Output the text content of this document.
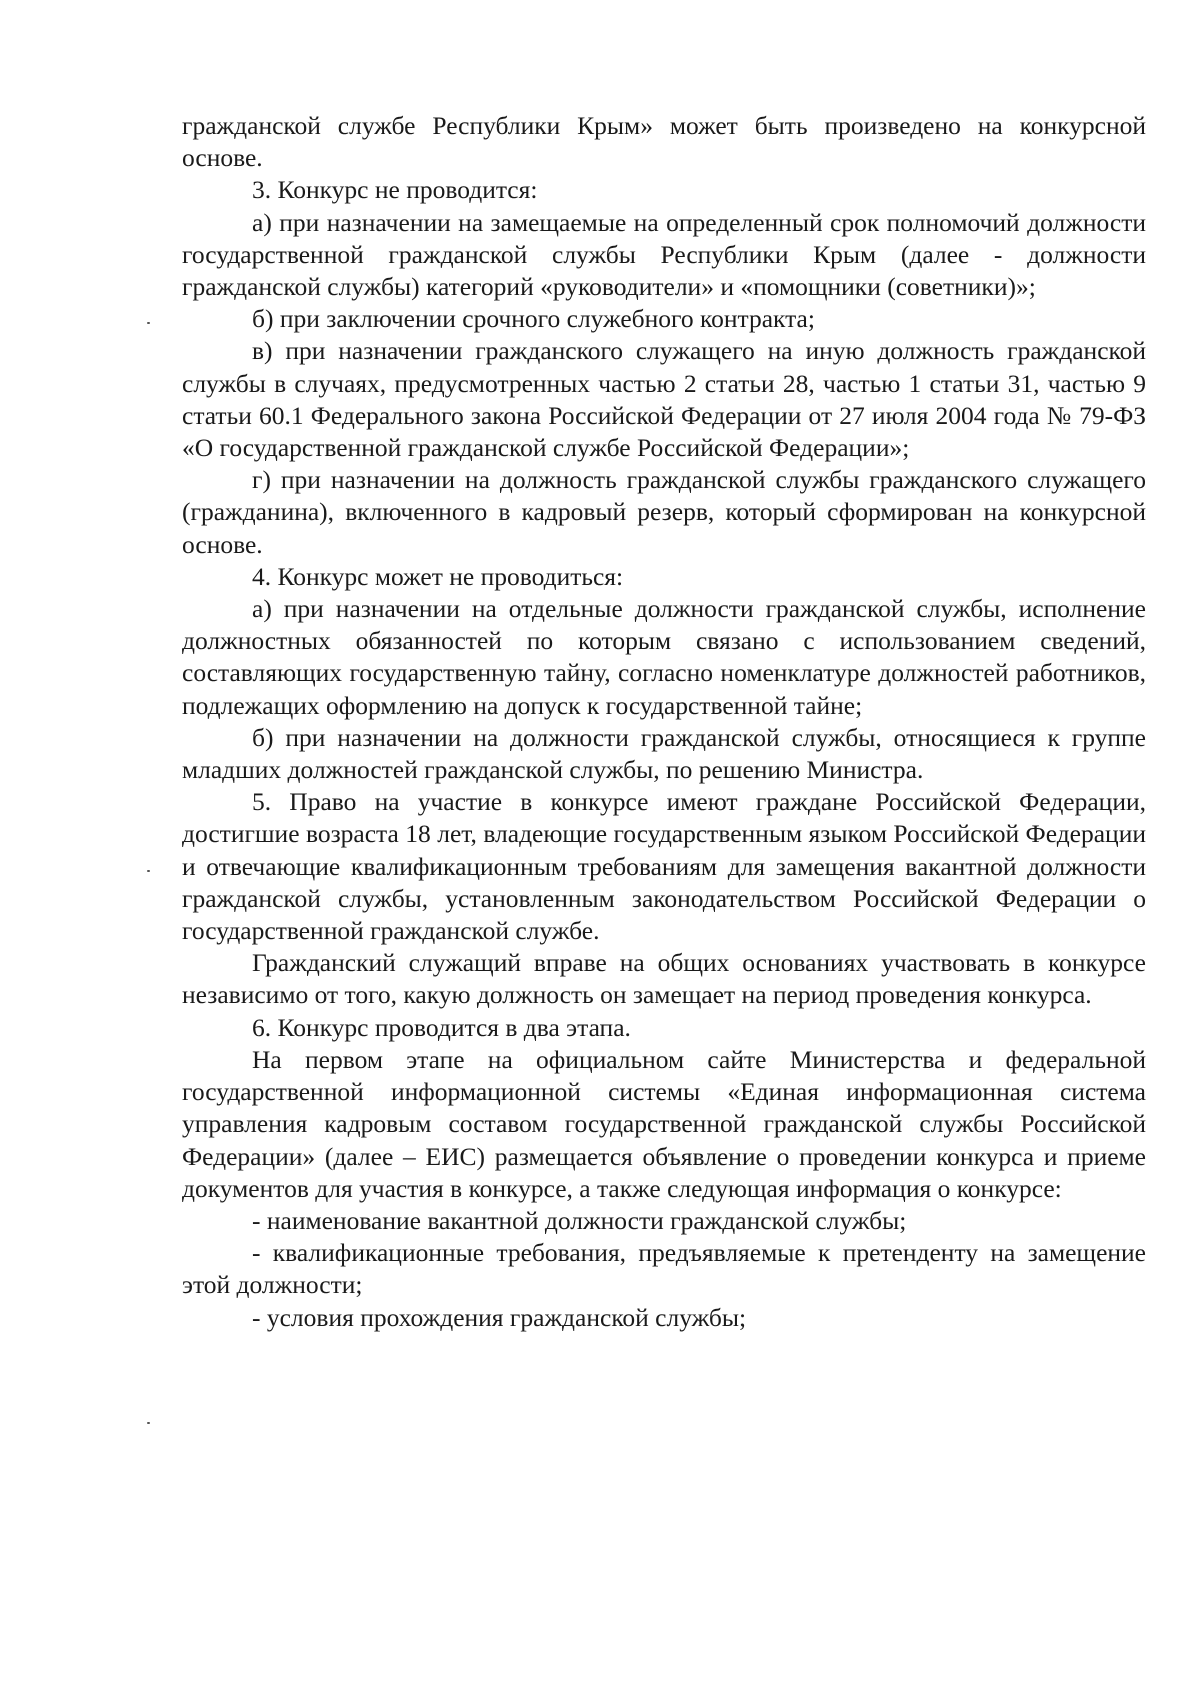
гражданской службе Республики Крым» может быть произведено на конкурсной основе.

3. Конкурс не проводится:

а) при назначении на замещаемые на определенный срок полномочий должности государственной гражданской службы Республики Крым (далее - должности гражданской службы) категорий «руководители» и «помощники (советники)»;

б) при заключении срочного служебного контракта;

в) при назначении гражданского служащего на иную должность гражданской службы в случаях, предусмотренных частью 2 статьи 28, частью 1 статьи 31, частью 9 статьи 60.1 Федерального закона Российской Федерации от 27 июля 2004 года № 79-ФЗ «О государственной гражданской службе Российской Федерации»;

г) при назначении на должность гражданской службы гражданского служащего (гражданина), включенного в кадровый резерв, который сформирован на конкурсной основе.

4. Конкурс может не проводиться:

а) при назначении на отдельные должности гражданской службы, исполнение должностных обязанностей по которым связано с использованием сведений, составляющих государственную тайну, согласно номенклатуре должностей работников, подлежащих оформлению на допуск к государственной тайне;

б) при назначении на должности гражданской службы, относящиеся к группе младших должностей гражданской службы, по решению Министра.

5. Право на участие в конкурсе имеют граждане Российской Федерации, достигшие возраста 18 лет, владеющие государственным языком Российской Федерации и отвечающие квалификационным требованиям для замещения вакантной должности гражданской службы, установленным законодательством Российской Федерации о государственной гражданской службе.

Гражданский служащий вправе на общих основаниях участвовать в конкурсе независимо от того, какую должность он замещает на период проведения конкурса.

6. Конкурс проводится в два этапа.

На первом этапе на официальном сайте Министерства и федеральной государственной информационной системы «Единая информационная система управления кадровым составом государственной гражданской службы Российской Федерации» (далее – ЕИС) размещается объявление о проведении конкурса и приеме документов для участия в конкурсе, а также следующая информация о конкурсе:

- наименование вакантной должности гражданской службы;

- квалификационные требования, предъявляемые к претенденту на замещение этой должности;

- условия прохождения гражданской службы;
